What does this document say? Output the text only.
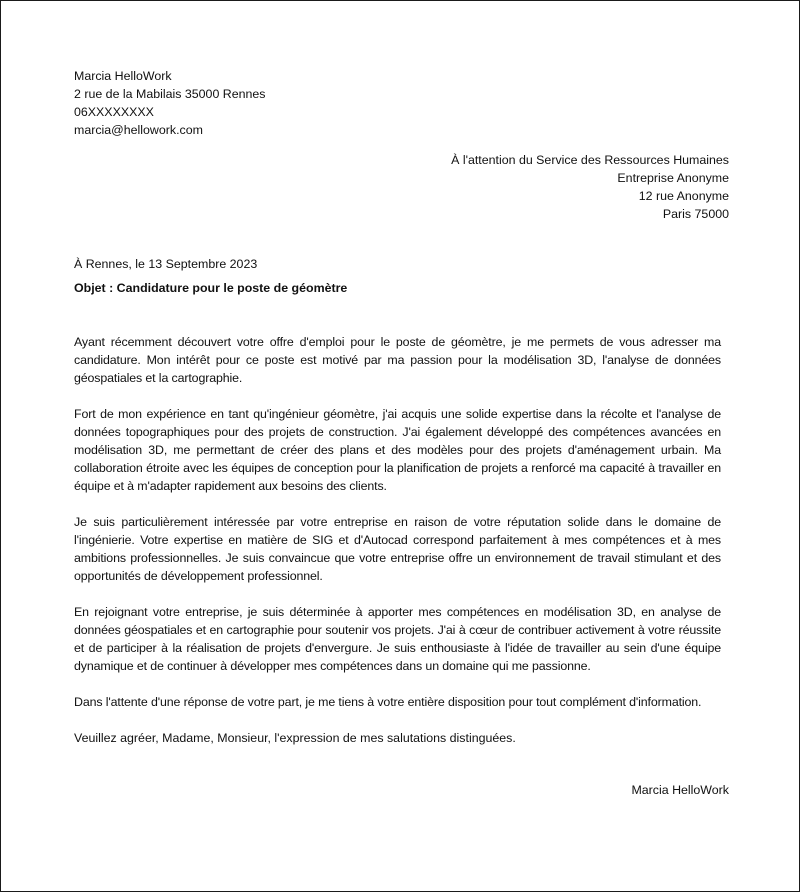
Marcia HelloWork
2 rue de la Mabilais 35000 Rennes
06XXXXXXXX
marcia@hellowork.com
À l'attention du Service des Ressources Humaines
Entreprise Anonyme
12 rue Anonyme
Paris 75000
À Rennes, le 13 Septembre 2023
Objet : Candidature pour le poste de géomètre

Ayant récemment découvert votre offre d'emploi pour le poste de géomètre, je me permets de vous adresser ma candidature. Mon intérêt pour ce poste est motivé par ma passion pour la modélisation 3D, l'analyse de données géospatiales et la cartographie.

Fort de mon expérience en tant qu'ingénieur géomètre, j'ai acquis une solide expertise dans la récolte et l'analyse de données topographiques pour des projets de construction. J'ai également développé des compétences avancées en modélisation 3D, me permettant de créer des plans et des modèles pour des projets d'aménagement urbain. Ma collaboration étroite avec les équipes de conception pour la planification de projets a renforcé ma capacité à travailler en équipe et à m'adapter rapidement aux besoins des clients.

Je suis particulièrement intéressée par votre entreprise en raison de votre réputation solide dans le domaine de l'ingénierie. Votre expertise en matière de SIG et d'Autocad correspond parfaitement à mes compétences et à mes ambitions professionnelles. Je suis convaincue que votre entreprise offre un environnement de travail stimulant et des opportunités de développement professionnel.

En rejoignant votre entreprise, je suis déterminée à apporter mes compétences en modélisation 3D, en analyse de données géospatiales et en cartographie pour soutenir vos projets. J'ai à cœur de contribuer activement à votre réussite et de participer à la réalisation de projets d'envergure. Je suis enthousiaste à l'idée de travailler au sein d'une équipe dynamique et de continuer à développer mes compétences dans un domaine qui me passionne.

Dans l'attente d'une réponse de votre part, je me tiens à votre entière disposition pour tout complément d'information.

Veuillez agréer, Madame, Monsieur, l'expression de mes salutations distinguées.

Marcia HelloWork
